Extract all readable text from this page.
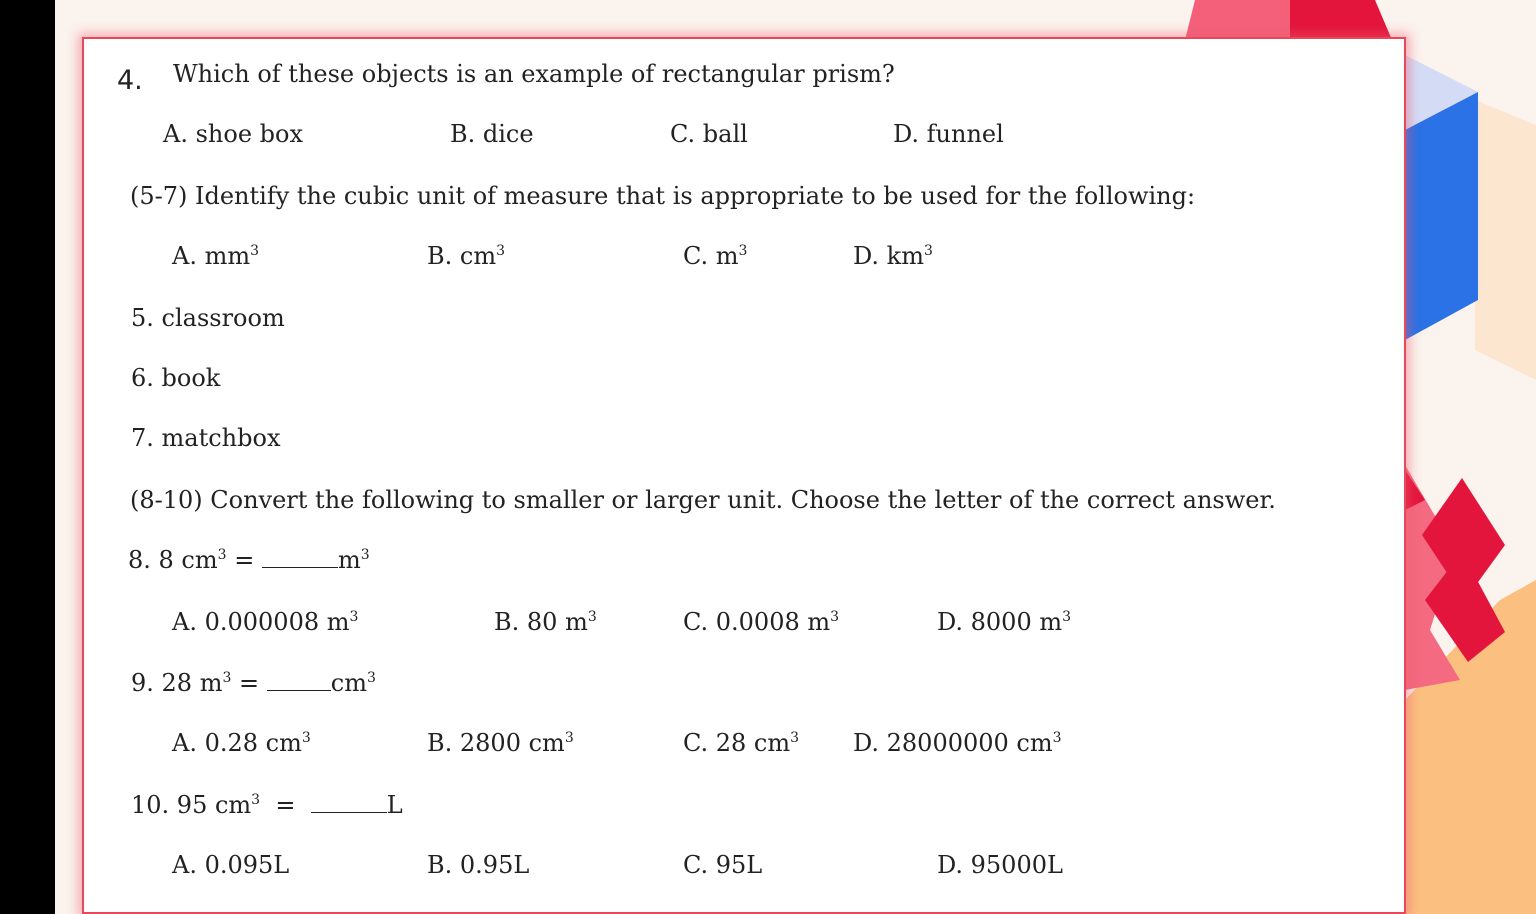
4. Which of these objects is an example of rectangular prism?
A. shoe box	B. dice	C. ball	D. funnel
(5-7) Identify the cubic unit of measure that is appropriate to be used for the following:
A. $mm^3$	B. $cm^3$	C. $m^3$	D. $km^3$
5. classroom
6. book
7. matchbox
(8-10) Convert the following to smaller or larger unit. Choose the letter of the correct answer.
8. 8 $cm^3$ =	$m^3$
A. 0.000008 $m^3$	B. 80 $m^3$	C. 0.0008 $m^3$	D. 8000 $m^3$
9. 28 $m^3$ =	$cm^3$
A. 0.28 $cm^3$	B. 2800 $cm^3$	C. 28 $cm^3$ D. 28000000 $cm^3$
10. 95 $cm^3$ =	L
A. 0.095L	B. 0.95L	C. 95L	D. 95000L
